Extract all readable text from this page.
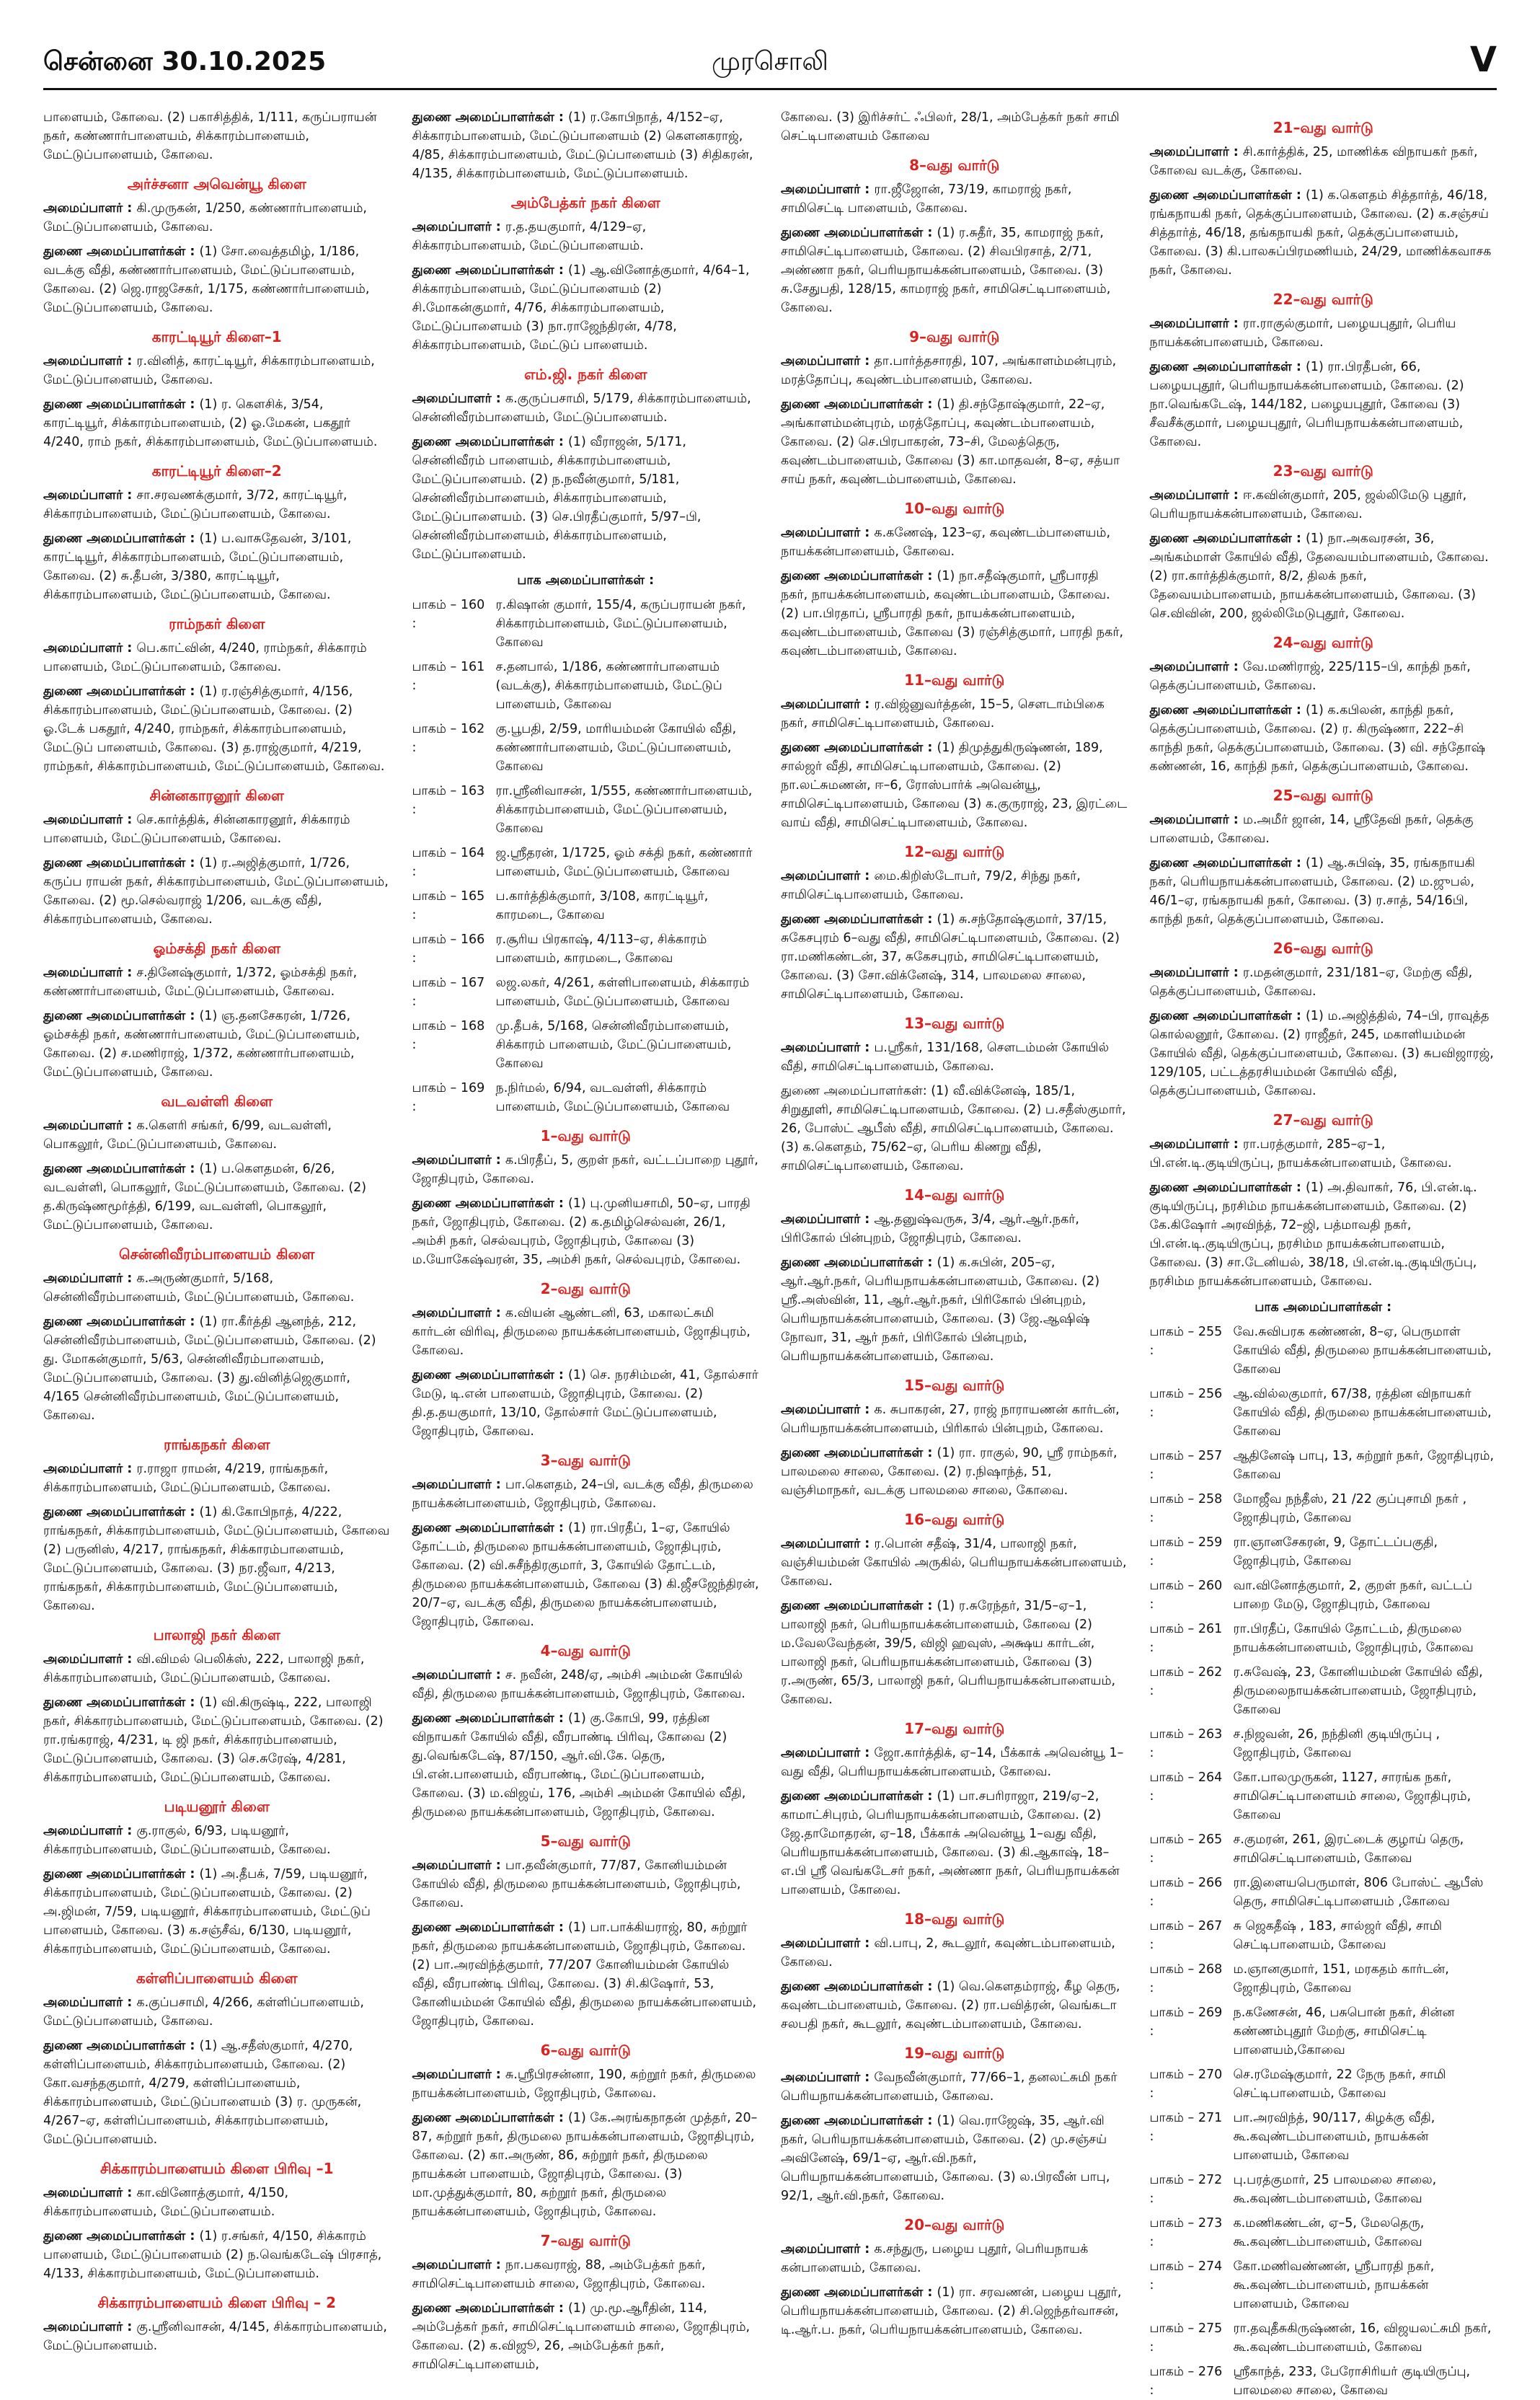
சென்னை 30.10.2025	முரசொலி	V
பாளையம், கோவை. (2) பகாசித்திக், 1/111, கருப்பராயன் நகர், கண்ணார்பாளையம், சிக்காரம்பாளையம், மேட்டுப்பாளையம், கோவை.
அர்ச்சனா அவென்யூ கிளை
அமைப்பாளர் : கி.முருகன், 1/250, கண்ணார்பாளையம், மேட்டுப்பாளையம், கோவை.
துணை அமைப்பாளர்கள் : (1) சோ.வைத்தமிழ், 1/186, வடக்கு வீதி, கண்ணார்பாளையம், மேட்டுப்பாளையம், கோவை. (2) ஜெ.ராஜசேகர், 1/175, கண்ணார்பாளையம், மேட்டுப்பாளையம், கோவை.
காரட்டியூர் கிளை–1
அமைப்பாளர் : ர.வினித், காரட்டியூர், சிக்காரம்பாளையம், மேட்டுப்பாளையம், கோவை.
துணை அமைப்பாளர்கள் : (1) ர. கௌசிக், 3/54, காரட்டியூர், சிக்காரம்பாளையம், (2) ஓ.மேகன், பகதூர் 4/240, ராம் நகர், சிக்காரம்பாளையம், மேட்டுப்பாளையம்.
காரட்டியூர் கிளை–2
அமைப்பாளர் : சா.சரவணக்குமார், 3/72, காரட்டியூர், சிக்காரம்பாளையம், மேட்டுப்பாளையம், கோவை.
துணை அமைப்பாளர்கள் : (1) ப.வாசுதேவன், 3/101, காரட்டியூர், சிக்காரம்பாளையம், மேட்டுப்பாளையம், கோவை. (2) சு.தீபன், 3/380, காரட்டியூர், சிக்காரம்பாளையம், மேட்டுப்பாளையம், கோவை.
ராம்நகர் கிளை
அமைப்பாளர் : பெ.காட்வின், 4/240, ராம்நகர், சிக்காரம் பாளையம், மேட்டுப்பாளையம், கோவை.
துணை அமைப்பாளர்கள் : (1) ர.ரஞ்சித்குமார், 4/156, சிக்காரம்பாளையம், மேட்டுப்பாளையம், கோவை. (2) ஓ.டேக் பகதூர், 4/240, ராம்நகர், சிக்காரம்பாளையம், மேட்டுப் பாளையம், கோவை. (3) த.ராஜ்குமார், 4/219, ராம்நகர், சிக்காரம்பாளையம், மேட்டுப்பாளையம், கோவை.
சின்னகாரனூர் கிளை
அமைப்பாளர் : செ.கார்த்திக், சின்னகாரனூர், சிக்காரம் பாளையம், மேட்டுப்பாளையம், கோவை.
துணை அமைப்பாளர்கள் : (1) ர.அஜித்குமார், 1/726, கருப்ப ராயன் நகர், சிக்காரம்பாளையம், மேட்டுப்பாளையம், கோவை. (2) மூ.செல்வராஜ் 1/206, வடக்கு வீதி, சிக்காரம்பாளையம், கோவை.
ஓம்சக்தி நகர் கிளை
அமைப்பாளர் : ச.தினேஷ்குமார், 1/372, ஓம்சக்தி நகர், கண்ணார்பாளையம், மேட்டுப்பாளையம், கோவை.
துணை அமைப்பாளர்கள் : (1) ஞ.தனசேகரன், 1/726, ஓம்சக்தி நகர், கண்ணார்பாளையம், மேட்டுப்பாளையம், கோவை. (2) ச.மணிராஜ், 1/372, கண்ணார்பாளையம், மேட்டுப்பாளையம், கோவை.
வடவள்ளி கிளை
அமைப்பாளர் : க.கௌரி சங்கர், 6/99, வடவள்ளி, பொகலூர், மேட்டுப்பாளையம், கோவை.
துணை அமைப்பாளர்கள் : (1) ப.கௌதமன், 6/26, வடவள்ளி, பொகலூர், மேட்டுப்பாளையம், கோவை. (2) த.கிருஷ்ணமூர்த்தி, 6/199, வடவள்ளி, பொகலூர், மேட்டுப்பாளையம், கோவை.
சென்னிவீரம்பாளையம் கிளை
அமைப்பாளர் : க.அருண்குமார், 5/168, சென்னிவீரம்பாளையம், மேட்டுப்பாளையம், கோவை.
துணை அமைப்பாளர்கள் : (1) ரா.கீர்த்தி ஆனந்த், 212, சென்னிவீரம்பாளையம், மேட்டுப்பாளையம், கோவை. (2) து. மோகன்குமார், 5/63, சென்னிவீரம்பாளையம், மேட்டுப்பாளையம், கோவை. (3) து.வினித்ஜெகுமார், 4/165 சென்னிவீரம்பாளையம், மேட்டுப்பாளையம், கோவை.
ராங்கநகர் கிளை
அமைப்பாளர் : ர.ராஜா ராமன், 4/219, ராங்கநகர், சிக்காரம்பாளையம், மேட்டுப்பாளையம், கோவை.
துணை அமைப்பாளர்கள் : (1) கி.கோபிநாத், 4/222, ராங்கநகர், சிக்காரம்பாளையம், மேட்டுப்பாளையம், கோவை (2) பருனிஸ், 4/217, ராங்கநகர், சிக்காரம்பாளையம், மேட்டுப்பாளையம், கோவை. (3) நர.ஜீவா, 4/213, ராங்கநகர், சிக்காரம்பாளையம், மேட்டுப்பாளையம், கோவை.
பாலாஜி நகர் கிளை
அமைப்பாளர் : வி.விமல் பெலிக்ஸ், 222, பாலாஜி நகர், சிக்காரம்பாளையம், மேட்டுப்பாளையம், கோவை.
துணை அமைப்பாளர்கள் : (1) வி.கிருஷ்டி, 222, பாலாஜி நகர், சிக்காரம்பாளையம், மேட்டுப்பாளையம், கோவை. (2) ரா.ரங்கராஜ், 4/231, டி ஜி நகர், சிக்காரம்பாளையம், மேட்டுப்பாளையம், கோவை. (3) செ.சுரேஷ், 4/281, சிக்காரம்பாளையம், மேட்டுப்பாளையம், கோவை.
படியனூர் கிளை
அமைப்பாளர் : கு.ராகுல், 6/93, படியனூர், சிக்காரம்பாளையம், மேட்டுப்பாளையம், கோவை.
துணை அமைப்பாளர்கள் : (1) அ.தீபக், 7/59, படியனூர், சிக்காரம்பாளையம், மேட்டுப்பாளையம், கோவை. (2) அ.ஜிமன், 7/59, படியனூர், சிக்காரம்பாளையம், மேட்டுப் பாளையம், கோவை. (3) க.சஞ்சீவ், 6/130, படியனூர், சிக்காரம்பாளையம், மேட்டுப்பாளையம், கோவை.
கள்ளிப்பாளையம் கிளை
அமைப்பாளர் : க.குப்பசாமி, 4/266, கள்ளிப்பாளையம், மேட்டுப்பாளையம், கோவை.
துணை அமைப்பாளர்கள் : (1) ஆ.சதீஸ்குமார், 4/270, கள்ளிப்பாளையம், சிக்காரம்பாளையம், கோவை. (2) கோ.வசந்தகுமார், 4/279, கள்ளிப்பாளையம், சிக்காரம்பாளையம், மேட்டுப்பாளையம் (3) ர. முருகன், 4/267–ஏ, கள்ளிப்பாளையம், சிக்காரம்பாளையம், மேட்டுப்பாளையம்.
சிக்காரம்பாளையம் கிளை பிரிவு –1
அமைப்பாளர் : கா.வினோத்குமார், 4/150, சிக்காரம்பாளையம், மேட்டுப்பாளையம்.
துணை அமைப்பாளர்கள் : (1) ர.சங்கர், 4/150, சிக்காரம் பாளையம், மேட்டுப்பாளையம் (2) ந.வெங்கடேஷ் பிரசாத், 4/133, சிக்காரம்பாளையம், மேட்டுப்பாளையம்.
சிக்காரம்பாளையம் கிளை பிரிவு – 2
அமைப்பாளர் : கு.ஸ்ரீனிவாசன், 4/145, சிக்காரம்பாளையம், மேட்டுப்பாளையம்.
துணை அமைப்பாளர்கள் : (1) ர.கோபிநாத், 4/152–ஏ, சிக்காரம்பாளையம், மேட்டுப்பாளையம் (2) கெளனகராஜ், 4/85, சிக்காரம்பாளையம், மேட்டுப்பாளையம் (3) சிதிகரன், 4/135, சிக்காரம்பாளையம், மேட்டுப்பாளையம்.
அம்பேத்கர் நகர் கிளை
அமைப்பாளர் : ர.த.தயகுமார், 4/129–ஏ, சிக்காரம்பாளையம், மேட்டுப்பாளையம்.
துணை அமைப்பாளர்கள் : (1) ஆ.வினோத்குமார், 4/64–1, சிக்காரம்பாளையம், மேட்டுப்பாளையம் (2) சி.மோகன்குமார், 4/76, சிக்காரம்பாளையம், மேட்டுப்பாளையம் (3) நா.ராஜேந்திரன், 4/78, சிக்காரம்பாளையம், மேட்டுப் பாளையம்.
எம்.ஜி. நகர் கிளை
அமைப்பாளர் : க.குருப்பசாமி, 5/179, சிக்காரம்பாளையம், சென்னிவீரம்பாளையம், மேட்டுப்பாளையம்.
துணை அமைப்பாளர்கள் : (1) வீராஜன், 5/171, சென்னிவீரம் பாளையம், சிக்காரம்பாளையம், மேட்டுப்பாளையம். (2) ந.நவீன்குமார், 5/181, சென்னிவீரம்பாளையம், சிக்காரம்பாளையம், மேட்டுப்பாளையம். (3) செ.பிரதீப்குமார், 5/97–பி, சென்னிவீரம்பாளையம், சிக்காரம்பாளையம், மேட்டுப்பாளையம்.
பாக அமைப்பாளர்கள் :
பாகம் – 160 :
ர.கிஷான் குமார், 155/4, கருப்பராயன் நகர், சிக்காரம்பாளையம், மேட்டுப்பாளையம், கோவை
பாகம் – 161 :
ச.தனபால், 1/186, கண்ணார்பாளையம் (வடக்கு), சிக்காரம்பாளையம், மேட்டுப் பாளையம், கோவை
பாகம் – 162 :
கு.பூபதி, 2/59, மாரியம்மன் கோயில் வீதி, கண்ணார்பாளையம், மேட்டுப்பாளையம், கோவை
பாகம் – 163 :
ரா.ஸ்ரீனிவாசன், 1/555, கண்ணார்பாளையம், சிக்காரம்பாளையம், மேட்டுப்பாளையம், கோவை
பாகம் – 164 :
ஜ.ஸ்ரீதரன், 1/1725, ஓம் சக்தி நகர், கண்ணார் பாளையம், மேட்டுப்பாளையம், கோவை
பாகம் – 165 :
ப.கார்த்திக்குமார், 3/108, காரட்டியூர், காரமடை, கோவை
பாகம் – 166 :
ர.சூரிய பிரகாஷ், 4/113–ஏ, சிக்காரம் பாளையம், காரமடை, கோவை
பாகம் – 167 :
லஜ.லகர், 4/261, கள்ளிபாளையம், சிக்காரம் பாளையம், மேட்டுப்பாளையம், கோவை
பாகம் – 168 :
மு.தீபக், 5/168, சென்னிவீரம்பாளையம், சிக்காரம் பாளையம், மேட்டுப்பாளையம், கோவை
பாகம் – 169 :
ந.நிர்மல், 6/94, வடவள்ளி, சிக்காரம் பாளையம், மேட்டுப்பாளையம், கோவை
1–வது வார்டு
அமைப்பாளர் : க.பிரதீப், 5, குறள் நகர், வட்டப்பாறை புதூர், ஜோதிபுரம், கோவை.
துணை அமைப்பாளர்கள் : (1) பு.முனியசாமி, 50–ஏ, பாரதி நகர், ஜோதிபுரம், கோவை. (2) க.தமிழ்செல்வன், 26/1, அம்சி நகர், செல்வபுரம், ஜோதிபுரம், கோவை (3) ம.யோகேஷ்வரன், 35, அம்சி நகர், செல்வபுரம், கோவை.
2–வது வார்டு
அமைப்பாளர் : க.வியன் ஆண்டனி, 63, மகாலட்சுமி கார்டன் விரிவு, திருமலை நாயக்கன்பாளையம், ஜோதிபுரம், கோவை.
துணை அமைப்பாளர்கள் : (1) செ. நரசிம்மன், 41, தோல்சார் மேடு, டி.என் பாளையம், ஜோதிபுரம், கோவை. (2) தி.த.தயகுமார், 13/10, தோல்சார் மேட்டுப்பாளையம், ஜோதிபுரம், கோவை.
3–வது வார்டு
அமைப்பாளர் : பா.கௌதம், 24–பி, வடக்கு வீதி, திருமலை நாயக்கன்பாளையம், ஜோதிபுரம், கோவை.
துணை அமைப்பாளர்கள் : (1) ரா.பிரதீப், 1–ஏ, கோயில் தோட்டம், திருமலை நாயக்கன்பாளையம், ஜோதிபுரம், கோவை. (2) வி.சுசீந்திரகுமார், 3, கோயில் தோட்டம், திருமலை நாயக்கன்பாளையம், கோவை (3) கி.ஜீசஜேந்திரன், 20/7–ஏ, வடக்கு வீதி, திருமலை நாயக்கன்பாளையம், ஜோதிபுரம், கோவை.
4–வது வார்டு
அமைப்பாளர் : ச. நவீன், 248/ஏ, அம்சி அம்மன் கோயில் வீதி, திருமலை நாயக்கன்பாளையம், ஜோதிபுரம், கோவை.
துணை அமைப்பாளர்கள் : (1) கு.கோபி, 99, ரத்தின விநாயகர் கோயில் வீதி, வீரபாண்டி பிரிவு, கோவை (2) து.வெங்கடேஷ், 87/150, ஆர்.வி.கே. தெரு, பி.என்.பாளையம், வீரபாண்டி, மேட்டுப்பாளையம், கோவை. (3) ம.விஜய், 176, அம்சி அம்மன் கோயில் வீதி, திருமலை நாயக்கன்பாளையம், ஜோதிபுரம், கோவை.
5–வது வார்டு
அமைப்பாளர் : பா.தவீன்குமார், 77/87, கோனியம்மன் கோயில் வீதி, திருமலை நாயக்கன்பாளையம், ஜோதிபுரம், கோவை.
துணை அமைப்பாளர்கள் : (1) பா.பாக்கியராஜ், 80, சுற்றூர் நகர், திருமலை நாயக்கன்பாளையம், ஜோதிபுரம், கோவை. (2) பா.அரவிந்த்குமார், 77/207 கோனியம்மன் கோயில் வீதி, வீரபாண்டி பிரிவு, கோவை. (3) சி.கிஷோர், 53, கோனியம்மன் கோயில் வீதி, திருமலை நாயக்கன்பாளையம், ஜோதிபுரம், கோவை.
6–வது வார்டு
அமைப்பாளர் : சு.ஸ்ரீபிரசன்னா, 190, சுற்றூர் நகர், திருமலை நாயக்கன்பாளையம், ஜோதிபுரம், கோவை.
துணை அமைப்பாளர்கள் : (1) கே.அரங்கநாதன் முத்தர், 20–87, சுற்றூர் நகர், திருமலை நாயக்கன்பாளையம், ஜோதிபுரம், கோவை. (2) கா.அருண், 86, சுற்றூர் நகர், திருமலை நாயக்கன் பாளையம், ஜோதிபுரம், கோவை. (3) மா.முத்துக்குமார், 80, சுற்றூர் நகர், திருமலை நாயக்கன்பாளையம், ஜோதிபுரம், கோவை.
7–வது வார்டு
அமைப்பாளர் : நா.பகவராஜ், 88, அம்பேத்கர் நகர், சாமிசெட்டிபாளையம் சாலை, ஜோதிபுரம், கோவை.
துணை அமைப்பாளர்கள் : (1) மு.மூ.ஆரீதின், 114, அம்பேத்கர் நகர், சாமிசெட்டிபாளையம் சாலை, ஜோதிபுரம், கோவை. (2) க.விஜூ, 26, அம்பேத்கர் நகர், சாமிசெட்டிபாளையம்,
கோவை. (3) இரிச்சர்ட் ஃபிலர், 28/1, அம்பேத்கர் நகர் சாமி செட்டிபாளையம் கோவை
8–வது வார்டு
அமைப்பாளர் : ரா.ஜீஜோன், 73/19, காமராஜ் நகர், சாமிசெட்டி பாளையம், கோவை.
துணை அமைப்பாளர்கள் : (1) ர.சுதீர், 35, காமராஜ் நகர், சாமிசெட்டிபாளையம், கோவை. (2) சிவபிரசாத், 2/71, அண்ணா நகர், பெரியநாயக்கன்பாளையம், கோவை. (3) சு.சேதுபதி, 128/15, காமராஜ் நகர், சாமிசெட்டிபாளையம், கோவை.
9–வது வார்டு
அமைப்பாளர் : தா.பார்த்தசாரதி, 107, அங்காளம்மன்புரம், மரத்தோப்பு, கவுண்டம்பாளையம், கோவை.
துணை அமைப்பாளர்கள் : (1) தி.சந்தோஷ்குமார், 22–ஏ, அங்காளம்மன்புரம், மரத்தோப்பு, கவுண்டம்பாளையம், கோவை. (2) செ.பிரபாகரன், 73–சி, மேலத்தெரு, கவுண்டம்பாளையம், கோவை (3) கா.மாதவன், 8–ஏ, சத்யா சாய் நகர், கவுண்டம்பாளையம், கோவை.
10–வது வார்டு
அமைப்பாளர் : க.கணேஷ், 123–ஏ, கவுண்டம்பாளையம், நாயக்கன்பாளையம், கோவை.
துணை அமைப்பாளர்கள் : (1) நா.சதீஷ்குமார், ஸ்ரீபாரதி நகர், நாயக்கன்பாளையம், கவுண்டம்பாளையம், கோவை. (2) பா.பிரதாப், ஸ்ரீபாரதி நகர், நாயக்கன்பாளையம், கவுண்டம்பாளையம், கோவை (3) ரஞ்சித்குமார், பாரதி நகர், கவுண்டம்பாளையம், கோவை.
11–வது வார்டு
அமைப்பாளர் : ர.விஜ்னுவர்த்தன், 15–5, சௌடாம்பிகை நகர், சாமிசெட்டிபாளையம், கோவை.
துணை அமைப்பாளர்கள் : (1) திமுத்துகிருஷ்ணன், 189, சால்ஜர் வீதி, சாமிசெட்டிபாளையம், கோவை. (2) நா.லட்சுமணன், ஈ–6, ரோஸ்பார்க் அவென்யூ, சாமிசெட்டிபாளையம், கோவை (3) க.குருராஜ், 23, இரட்டை வாய் வீதி, சாமிசெட்டிபாளையம், கோவை.
12–வது வார்டு
அமைப்பாளர் : மை.கிறிஸ்டோபர், 79/2, சிந்து நகர், சாமிசெட்டிபாளையம், கோவை.
துணை அமைப்பாளர்கள் : (1) சு.சந்தோஷ்குமார், 37/15, சுகேசபுரம் 6–வது வீதி, சாமிசெட்டிபாளையம், கோவை. (2) ரா.மணிகண்டன், 37, சுகேசபுரம், சாமிசெட்டிபாளையம், கோவை. (3) சோ.விக்னேஷ், 314, பாலமலை சாலை, சாமிசெட்டிபாளையம், கோவை.
13–வது வார்டு
அமைப்பாளர் : ப.ஸ்ரீகர், 131/168, சௌடம்மன் கோயில் வீதி, சாமிசெட்டிபாளையம், கோவை.
துணை அமைப்பாளர்கள்: (1) வீ.விக்னேஷ், 185/1, சிறுதூளி, சாமிசெட்டிபாளையம், கோவை. (2) ப.சதீஸ்குமார், 26, போஸ்ட் ஆபீஸ் வீதி, சாமிசெட்டிபாளையம், கோவை. (3) க.கௌதம், 75/62–ஏ, பெரிய கிணறு வீதி, சாமிசெட்டிபாளையம், கோவை.
14–வது வார்டு
அமைப்பாளர் : ஆ.தனுஷ்வருசு, 3/4, ஆர்.ஆர்.நகர், பிரிகோல் பின்புறம், ஜோதிபுரம், கோவை.
துணை அமைப்பாளர்கள் : (1) க.சுபின், 205–ஏ, ஆர்.ஆர்.நகர், பெரியநாயக்கன்பாளையம், கோவை. (2) ஸ்ரீ.அஸ்வின், 11, ஆர்.ஆர்.நகர், பிரிகோல் பின்புறம், பெரியநாயக்கன்பாளையம், கோவை. (3) ஜே.ஆஷிஷ் நோவா, 31, ஆர் நகர், பிரிகோல் பின்புறம், பெரியநாயக்கன்பாளையம், கோவை.
15–வது வார்டு
அமைப்பாளர் : க. சுபாகரன், 27, ராஜ் நாராயணன் கார்டன், பெரியநாயக்கன்பாளையம், பிரிகால் பின்புறம், கோவை.
துணை அமைப்பாளர்கள் : (1) ரா. ராகுல், 90, ஸ்ரீ ராம்நகர், பாலமலை சாலை, கோவை. (2) ர.நிஷாந்த், 51, வஞ்சிமாநகர், வடக்கு பாலமலை சாலை, கோவை.
16–வது வார்டு
அமைப்பாளர் : ர.பொன் சதீஷ், 31/4, பாலாஜி நகர், வஞ்சியம்மன் கோயில் அருகில், பெரியநாயக்கன்பாளையம், கோவை.
துணை அமைப்பாளர்கள் : (1) ர.சுரேந்தர், 31/5–ஏ–1, பாலாஜி நகர், பெரியநாயக்கன்பாளையம், கோவை (2) ம.வேலவேந்தன், 39/5, விஜி ஹவுஸ், அக்ஷய கார்டன், பாலாஜி நகர், பெரியநாயக்கன்பாளையம், கோவை (3) ர.அருண், 65/3, பாலாஜி நகர், பெரியநாயக்கன்பாளையம், கோவை.
17–வது வார்டு
அமைப்பாளர் : ஜோ.கார்த்திக், ஏ–14, பீக்காக் அவென்யூ 1–வது வீதி, பெரியநாயக்கன்பாளையம், கோவை.
துணை அமைப்பாளர்கள் : (1) பா.சபரிராஜா, 219/ஏ–2, காமாட்சிபுரம், பெரியநாயக்கன்பாளையம், கோவை. (2) ஜே.தாமோதரன், ஏ–18, பீக்காக் அவென்யூ 1–வது வீதி, பெரியநாயக்கன்பாளையம், கோவை. (3) கி.ஆகாஷ், 18–எ.பி ஸ்ரீ வெங்கடேசர் நகர், அண்ணா நகர், பெரியநாயக்கன் பாளையம், கோவை.
18–வது வார்டு
அமைப்பாளர் : வி.பாபு, 2, கூடலூர், கவுண்டம்பாளையம், கோவை.
துணை அமைப்பாளர்கள் : (1) வெ.கௌதம்ராஜ், கீழ தெரு, கவுண்டம்பாளையம், கோவை. (2) ரா.பவித்ரன், வெங்கடா சலபதி நகர், கூடலூர், கவுண்டம்பாளையம், கோவை.
19–வது வார்டு
அமைப்பாளர் : வேநவீன்குமார், 77/66–1, தனலட்சுமி நகர் பெரியநாயக்கன்பாளையம், கோவை.
துணை அமைப்பாளர்கள் : (1) வெ.ராஜேஷ், 35, ஆர்.வி நகர், பெரியநாயக்கன்பாளையம், கோவை. (2) மு.சஞ்சய் அவினேஷ், 69/1–ஏ, ஆர்.வி.நகர், பெரியநாயக்கன்பாளையம், கோவை. (3) ல.பிரவீன் பாபு, 92/1, ஆர்.வி.நகர், கோவை.
20–வது வார்டு
அமைப்பாளர் : க.சந்துரு, பழைய புதூர், பெரியநாயக் கன்பாளையம், கோவை.
துணை அமைப்பாளர்கள் : (1) ரா. சரவணன், பழைய புதூர், பெரியநாயக்கன்பாளையம், கோவை. (2) சி.ஜெந்தர்வாசன், டி.ஆர்.ப. நகர், பெரியநாயக்கன்பாளையம், கோவை.
21–வது வார்டு
அமைப்பாளர் : சி.கார்த்திக், 25, மாணிக்க விநாயகர் நகர், கோவை வடக்கு, கோவை.
துணை அமைப்பாளர்கள் : (1) க.கௌதம் சித்தார்த், 46/18, ரங்கநாயகி நகர், தெக்குப்பாளையம், கோவை. (2) க.சஞ்சய் சித்தார்த், 46/18, தங்கநாயகி நகர், தெக்குப்பாளையம், கோவை. (3) கி.பாலசுப்பிரமணியம், 24/29, மாணிக்கவாசக நகர், கோவை.
22–வது வார்டு
அமைப்பாளர் : ரா.ராகுல்குமார், பழையபுதூர், பெரிய நாயக்கன்பாளையம், கோவை.
துணை அமைப்பாளர்கள் : (1) ரா.பிரதீபன், 66, பழையபுதூர், பெரியநாயக்கன்பாளையம், கோவை. (2) நா.வெங்கடேஷ், 144/182, பழையபுதூர், கோவை (3) சீவசீக்குமார், பழையபுதூர், பெரியநாயக்கன்பாளையம், கோவை.
23–வது வார்டு
அமைப்பாளர் : ஈ.கவின்குமார், 205, ஜல்லிமேடு புதூர், பெரியநாயக்கன்பாளையம், கோவை.
துணை அமைப்பாளர்கள் : (1) நா.அகவரசன், 36, அங்கம்மாள் கோயில் வீதி, தேவையம்பாளையம், கோவை. (2) ரா.கார்த்திக்குமார், 8/2, திலக் நகர், தேவையம்பாளையம், நாயக்கன்பாளையம், கோவை. (3) செ.விவின், 200, ஜல்லிமேடுபுதூர், கோவை.
24–வது வார்டு
அமைப்பாளர் : வே.மணிராஜ், 225/115–பி, காந்தி நகர், தெக்குப்பாளையம், கோவை.
துணை அமைப்பாளர்கள் : (1) க.கபிலன், காந்தி நகர், தெக்குப்பாளையம், கோவை. (2) ர. கிருஷ்ணா, 222–சி காந்தி நகர், தெக்குப்பாளையம், கோவை. (3) வி. சந்தோஷ் கண்ணன், 16, காந்தி நகர், தெக்குப்பாளையம், கோவை.
25–வது வார்டு
அமைப்பாளர் : ம.அமீர் ஜான், 14, ஸ்ரீதேவி நகர், தெக்கு பாளையம், கோவை.
துணை அமைப்பாளர்கள் : (1) ஆ.சுபிஷ், 35, ரங்கநாயகி நகர், பெரியநாயக்கன்பாளையம், கோவை. (2) ம.ஜுபல், 46/1–ஏ, ரங்கநாயகி நகர், கோவை. (3) ர.சாத், 54/16பி, காந்தி நகர், தெக்குப்பாளையம், கோவை.
26–வது வார்டு
அமைப்பாளர் : ர.மதன்குமார், 231/181–ஏ, மேற்கு வீதி, தெக்குப்பாளையம், கோவை.
துணை அமைப்பாளர்கள் : (1) ம.அஜித்தில், 74–பி, ராவுத்த கொல்லனூர், கோவை. (2) ராஜீதர், 245, மகாளியம்மன் கோயில் வீதி, தெக்குப்பாளையம், கோவை. (3) சுபவிஜாரஜ், 129/105, பட்டத்தரசியம்மன் கோயில் வீதி, தெக்குப்பாளையம், கோவை.
27–வது வார்டு
அமைப்பாளர் : ரா.பரத்குமார், 285–ஏ–1, பி.என்.டி.குடியிருப்பு, நாயக்கன்பாளையம், கோவை.
துணை அமைப்பாளர்கள் : (1) அ.திவாகர், 76, பி.என்.டி. குடியிருப்பு, நரசிம்ம நாயக்கன்பாளையம், கோவை. (2) கே.கிஷோர் அரவிந்த், 72–ஜி, பத்மாவதி நகர், பி.என்.டி.குடியிருப்பு, நரசிம்ம நாயக்கன்பாளையம், கோவை. (3) சா.டேனியல், 38/18, பி.என்.டி.குடியிருப்பு, நரசிம்ம நாயக்கன்பாளையம், கோவை.
பாக அமைப்பாளர்கள் :
பாகம் – 255 :
வே.சுவிபரக கண்ணன், 8–ஏ, பெருமாள் கோயில் வீதி, திருமலை நாயக்கன்பாளையம், கோவை
பாகம் – 256 :
ஆ.வில்லகுமார், 67/38, ரத்தின விநாயகர் கோயில் வீதி, திருமலை நாயக்கன்பாளையம், கோவை
பாகம் – 257 :
ஆதினேஷ் பாபு, 13, சுற்றூர் நகர், ஜோதிபுரம், கோவை
பாகம் – 258 :
மோஜீவ நந்தீஸ், 21 /22 குப்புசாமி நகர் , ஜோதிபுரம், கோவை
பாகம் – 259 :
ரா.ஞானசேகரன், 9, தோட்டப்பகுதி, ஜோதிபுரம், கோவை
பாகம் – 260 :
வா.வினோத்குமார், 2, குறள் நகர், வட்டப் பாறை மேடு, ஜோதிபுரம், கோவை
பாகம் – 261 :
ரா.பிரதீப், கோயில் தோட்டம், திருமலை நாயக்கன்பாளையம், ஜோதிபுரம், கோவை
பாகம் – 262 :
ர.சுவேஷ், 23, கோனியம்மன் கோயில் வீதி, திருமலைநாயக்கன்பாளையம், ஜோதிபுரம், கோவை
பாகம் – 263 :
ச.நிஜவன், 26, நந்தினி குடியிருப்பு , ஜோதிபுரம், கோவை
பாகம் – 264 :
கோ.பாலமுருகன், 1127, சாரங்க நகர், சாமிசெட்டிபாளையம் சாலை, ஜோதிபுரம், கோவை
பாகம் – 265 :
ச.குமரன், 261, இரட்டைக் குழாய் தெரு, சாமிசெட்டிபாளையம், கோவை
பாகம் – 266 :
ரா.இளையபெருமாள், 806 போஸ்ட் ஆபீஸ் தெரு, சாமிசெட்டிபாளையம் ,கோவை
பாகம் – 267 :
சு ஜெகதீஷ் , 183, சால்ஜர் வீதி, சாமி செட்டிபாளையம், கோவை
பாகம் – 268 :
ம.ஞானகுமார், 151, மரகதம் கார்டன், ஜோதிபுரம், கோவை
பாகம் – 269 :
ந.கணேசன், 46, பசுபொன் நகர், சின்ன கண்ணம்புதூர் மேற்கு, சாமிசெட்டி பாளையம்,கோவை
பாகம் – 270 :
செ.ரமேஷ்குமார், 22 நேரு நகர், சாமி செட்டிபாளையம், கோவை
பாகம் – 271 :
பா.அரவிந்த், 90/117, கிழக்கு வீதி, கூ.கவுண்டம்பாளையம், நாயக்கன் பாளையம், கோவை
பாகம் – 272 :
பு.பரத்குமார், 25 பாலமலை சாலை, கூ.கவுண்டம்பாளையம், கோவை
பாகம் – 273 :
க.மணிகண்டன், ஏ–5, மேலதெரு, கூ.கவுண்டம்பாளையம், கோவை
பாகம் – 274 :
கோ.மணிவண்ணன், ஸ்ரீபாரதி நகர், கூ.கவுண்டம்பாளையம், நாயக்கன் பாளையம், கோவை
பாகம் – 275 :
ரா.தவுதீசுகிருஷ்ணன், 16, விஜயலட்சுமி நகர், கூ.கவுண்டம்பாளையம், கோவை
பாகம் – 276 :
ஸ்ரீகாந்த், 233, பேரோசிரியர் குடியிருப்பு, பாலமலை சாலை, கோவை
